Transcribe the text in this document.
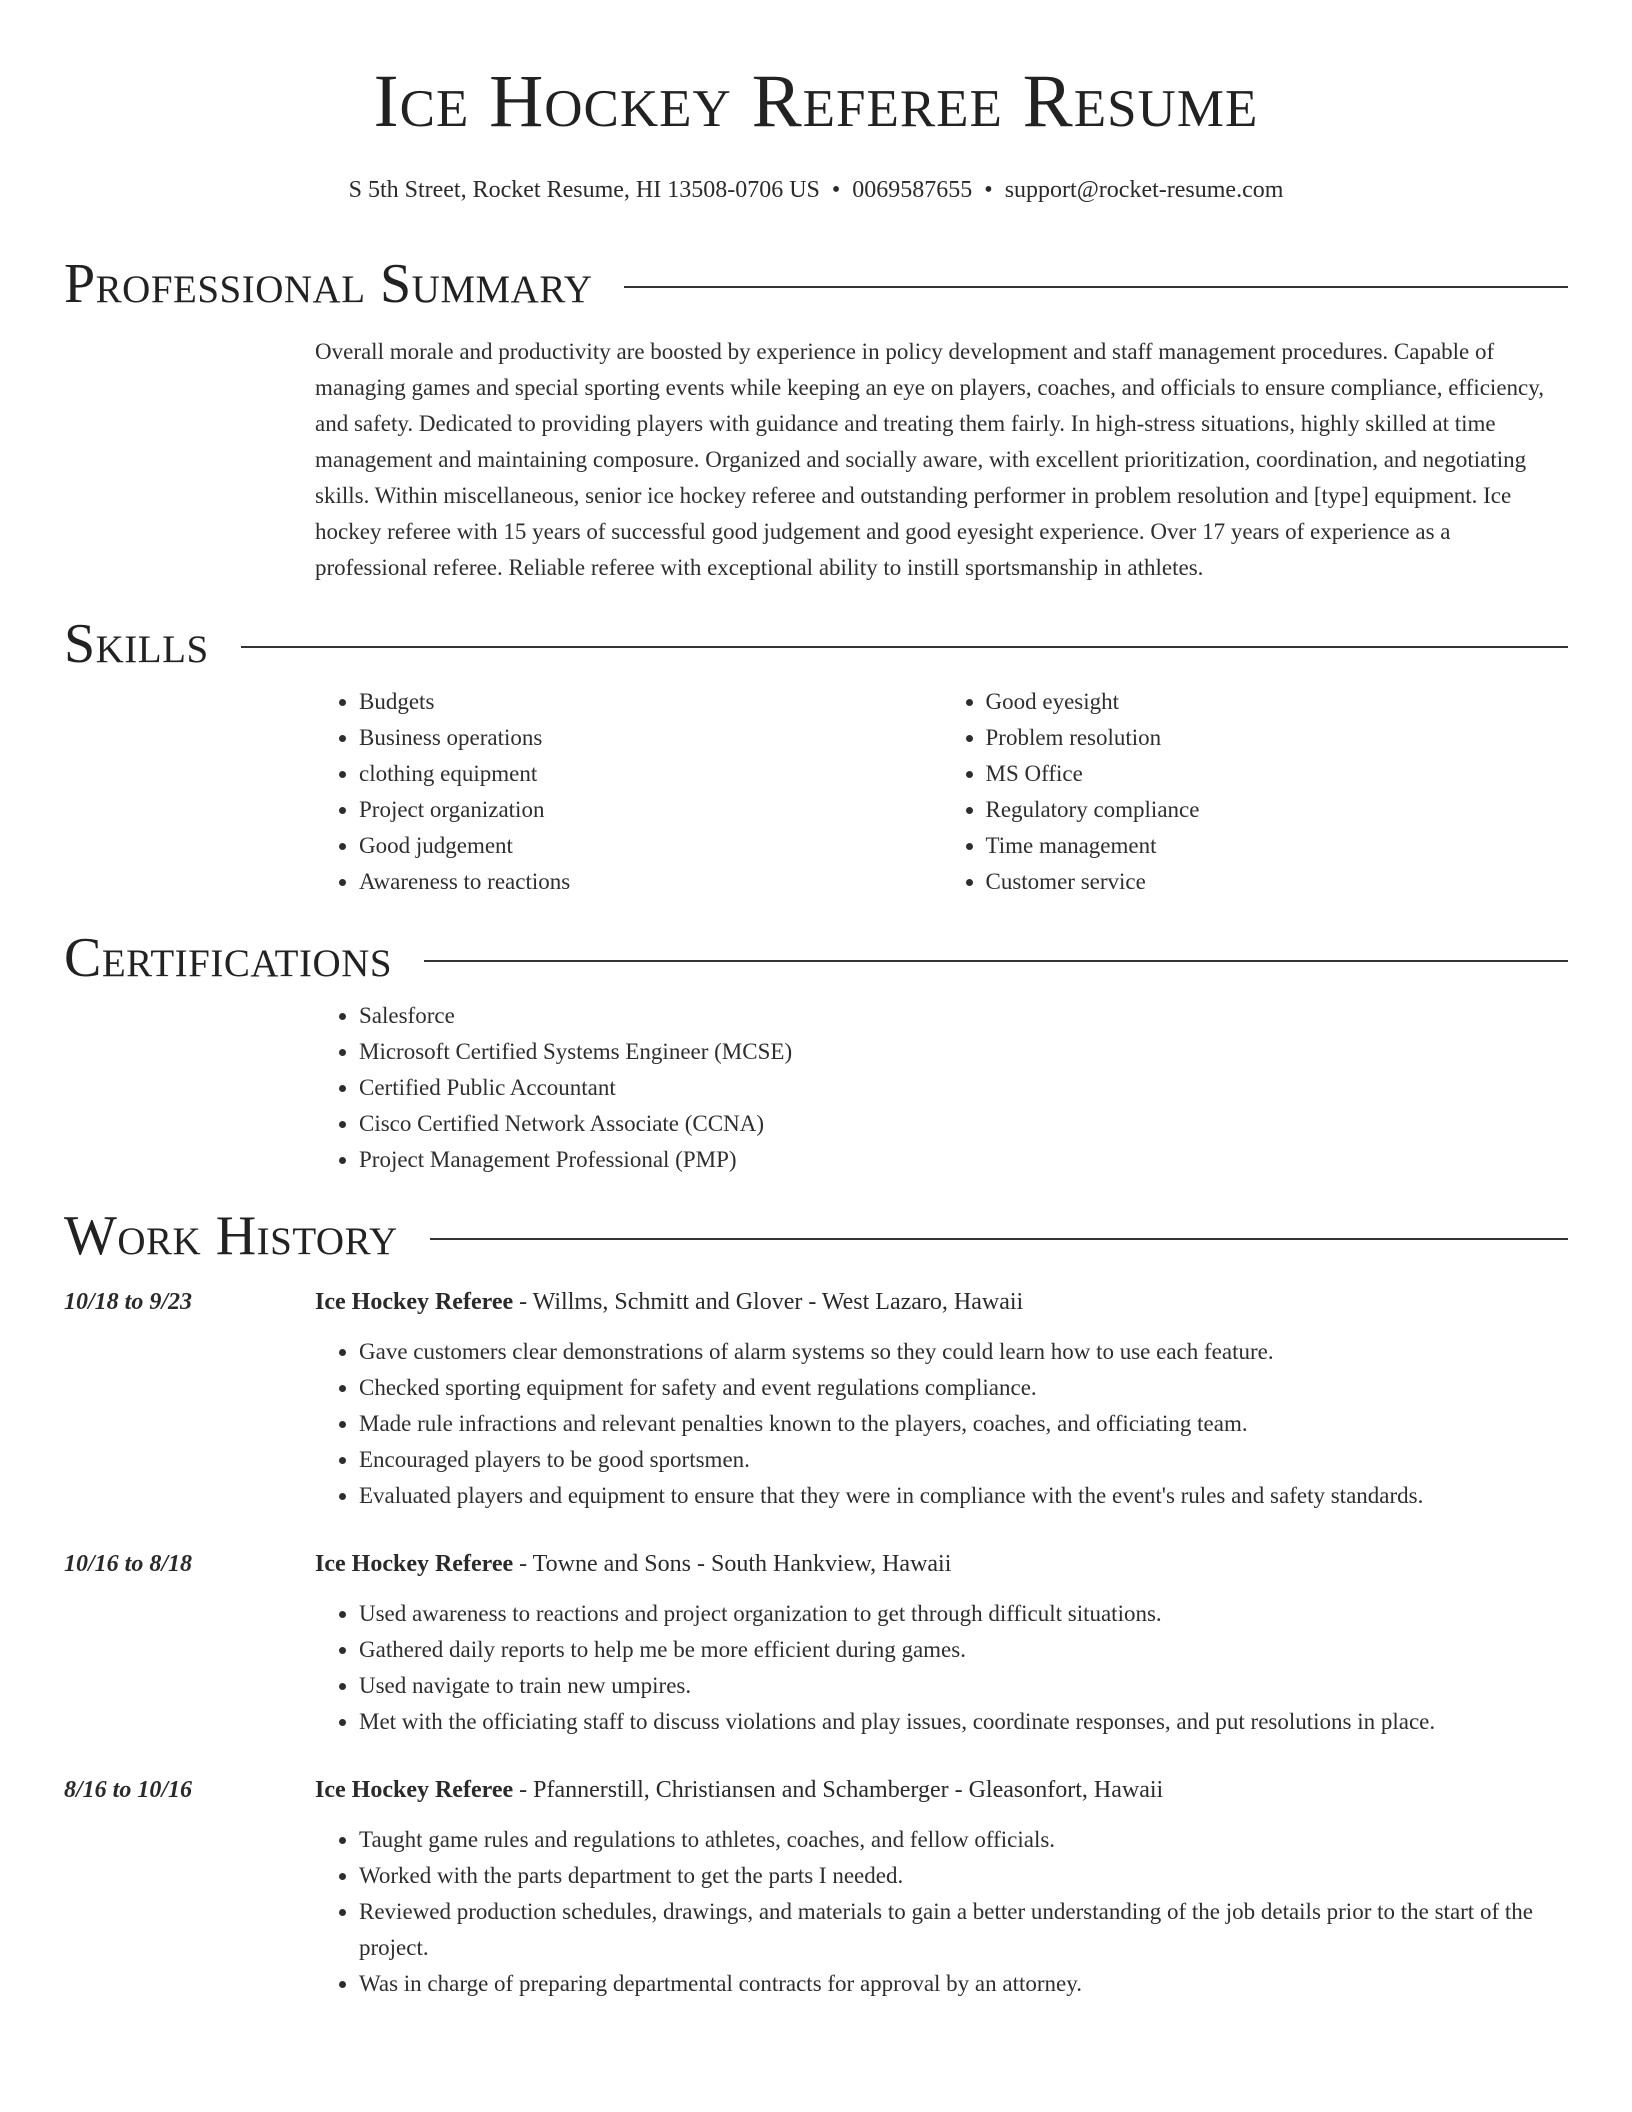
Ice Hockey Referee Resume
S 5th Street, Rocket Resume, HI 13508-0706 US • 0069587655 • support@rocket-resume.com
Professional Summary
Overall morale and productivity are boosted by experience in policy development and staff management procedures. Capable of managing games and special sporting events while keeping an eye on players, coaches, and officials to ensure compliance, efficiency, and safety. Dedicated to providing players with guidance and treating them fairly. In high-stress situations, highly skilled at time management and maintaining composure. Organized and socially aware, with excellent prioritization, coordination, and negotiating skills. Within miscellaneous, senior ice hockey referee and outstanding performer in problem resolution and [type] equipment. Ice hockey referee with 15 years of successful good judgement and good eyesight experience. Over 17 years of experience as a professional referee. Reliable referee with exceptional ability to instill sportsmanship in athletes.
Skills
• Budgets
• Business operations
• clothing equipment
• Project organization
• Good judgement
• Awareness to reactions
• Good eyesight
• Problem resolution
• MS Office
• Regulatory compliance
• Time management
• Customer service
Certifications
• Salesforce
• Microsoft Certified Systems Engineer (MCSE)
• Certified Public Accountant
• Cisco Certified Network Associate (CCNA)
• Project Management Professional (PMP)
Work History
10/18 to 9/23	Ice Hockey Referee - Willms, Schmitt and Glover - West Lazaro, Hawaii
• Gave customers clear demonstrations of alarm systems so they could learn how to use each feature.
• Checked sporting equipment for safety and event regulations compliance.
• Made rule infractions and relevant penalties known to the players, coaches, and officiating team.
• Encouraged players to be good sportsmen.
• Evaluated players and equipment to ensure that they were in compliance with the event's rules and safety standards.
10/16 to 8/18	Ice Hockey Referee - Towne and Sons - South Hankview, Hawaii
• Used awareness to reactions and project organization to get through difficult situations.
• Gathered daily reports to help me be more efficient during games.
• Used navigate to train new umpires.
• Met with the officiating staff to discuss violations and play issues, coordinate responses, and put resolutions in place.
8/16 to 10/16	Ice Hockey Referee - Pfannerstill, Christiansen and Schamberger - Gleasonfort, Hawaii
• Taught game rules and regulations to athletes, coaches, and fellow officials.
• Worked with the parts department to get the parts I needed.
• Reviewed production schedules, drawings, and materials to gain a better understanding of the job details prior to the start of the project.
• Was in charge of preparing departmental contracts for approval by an attorney.
